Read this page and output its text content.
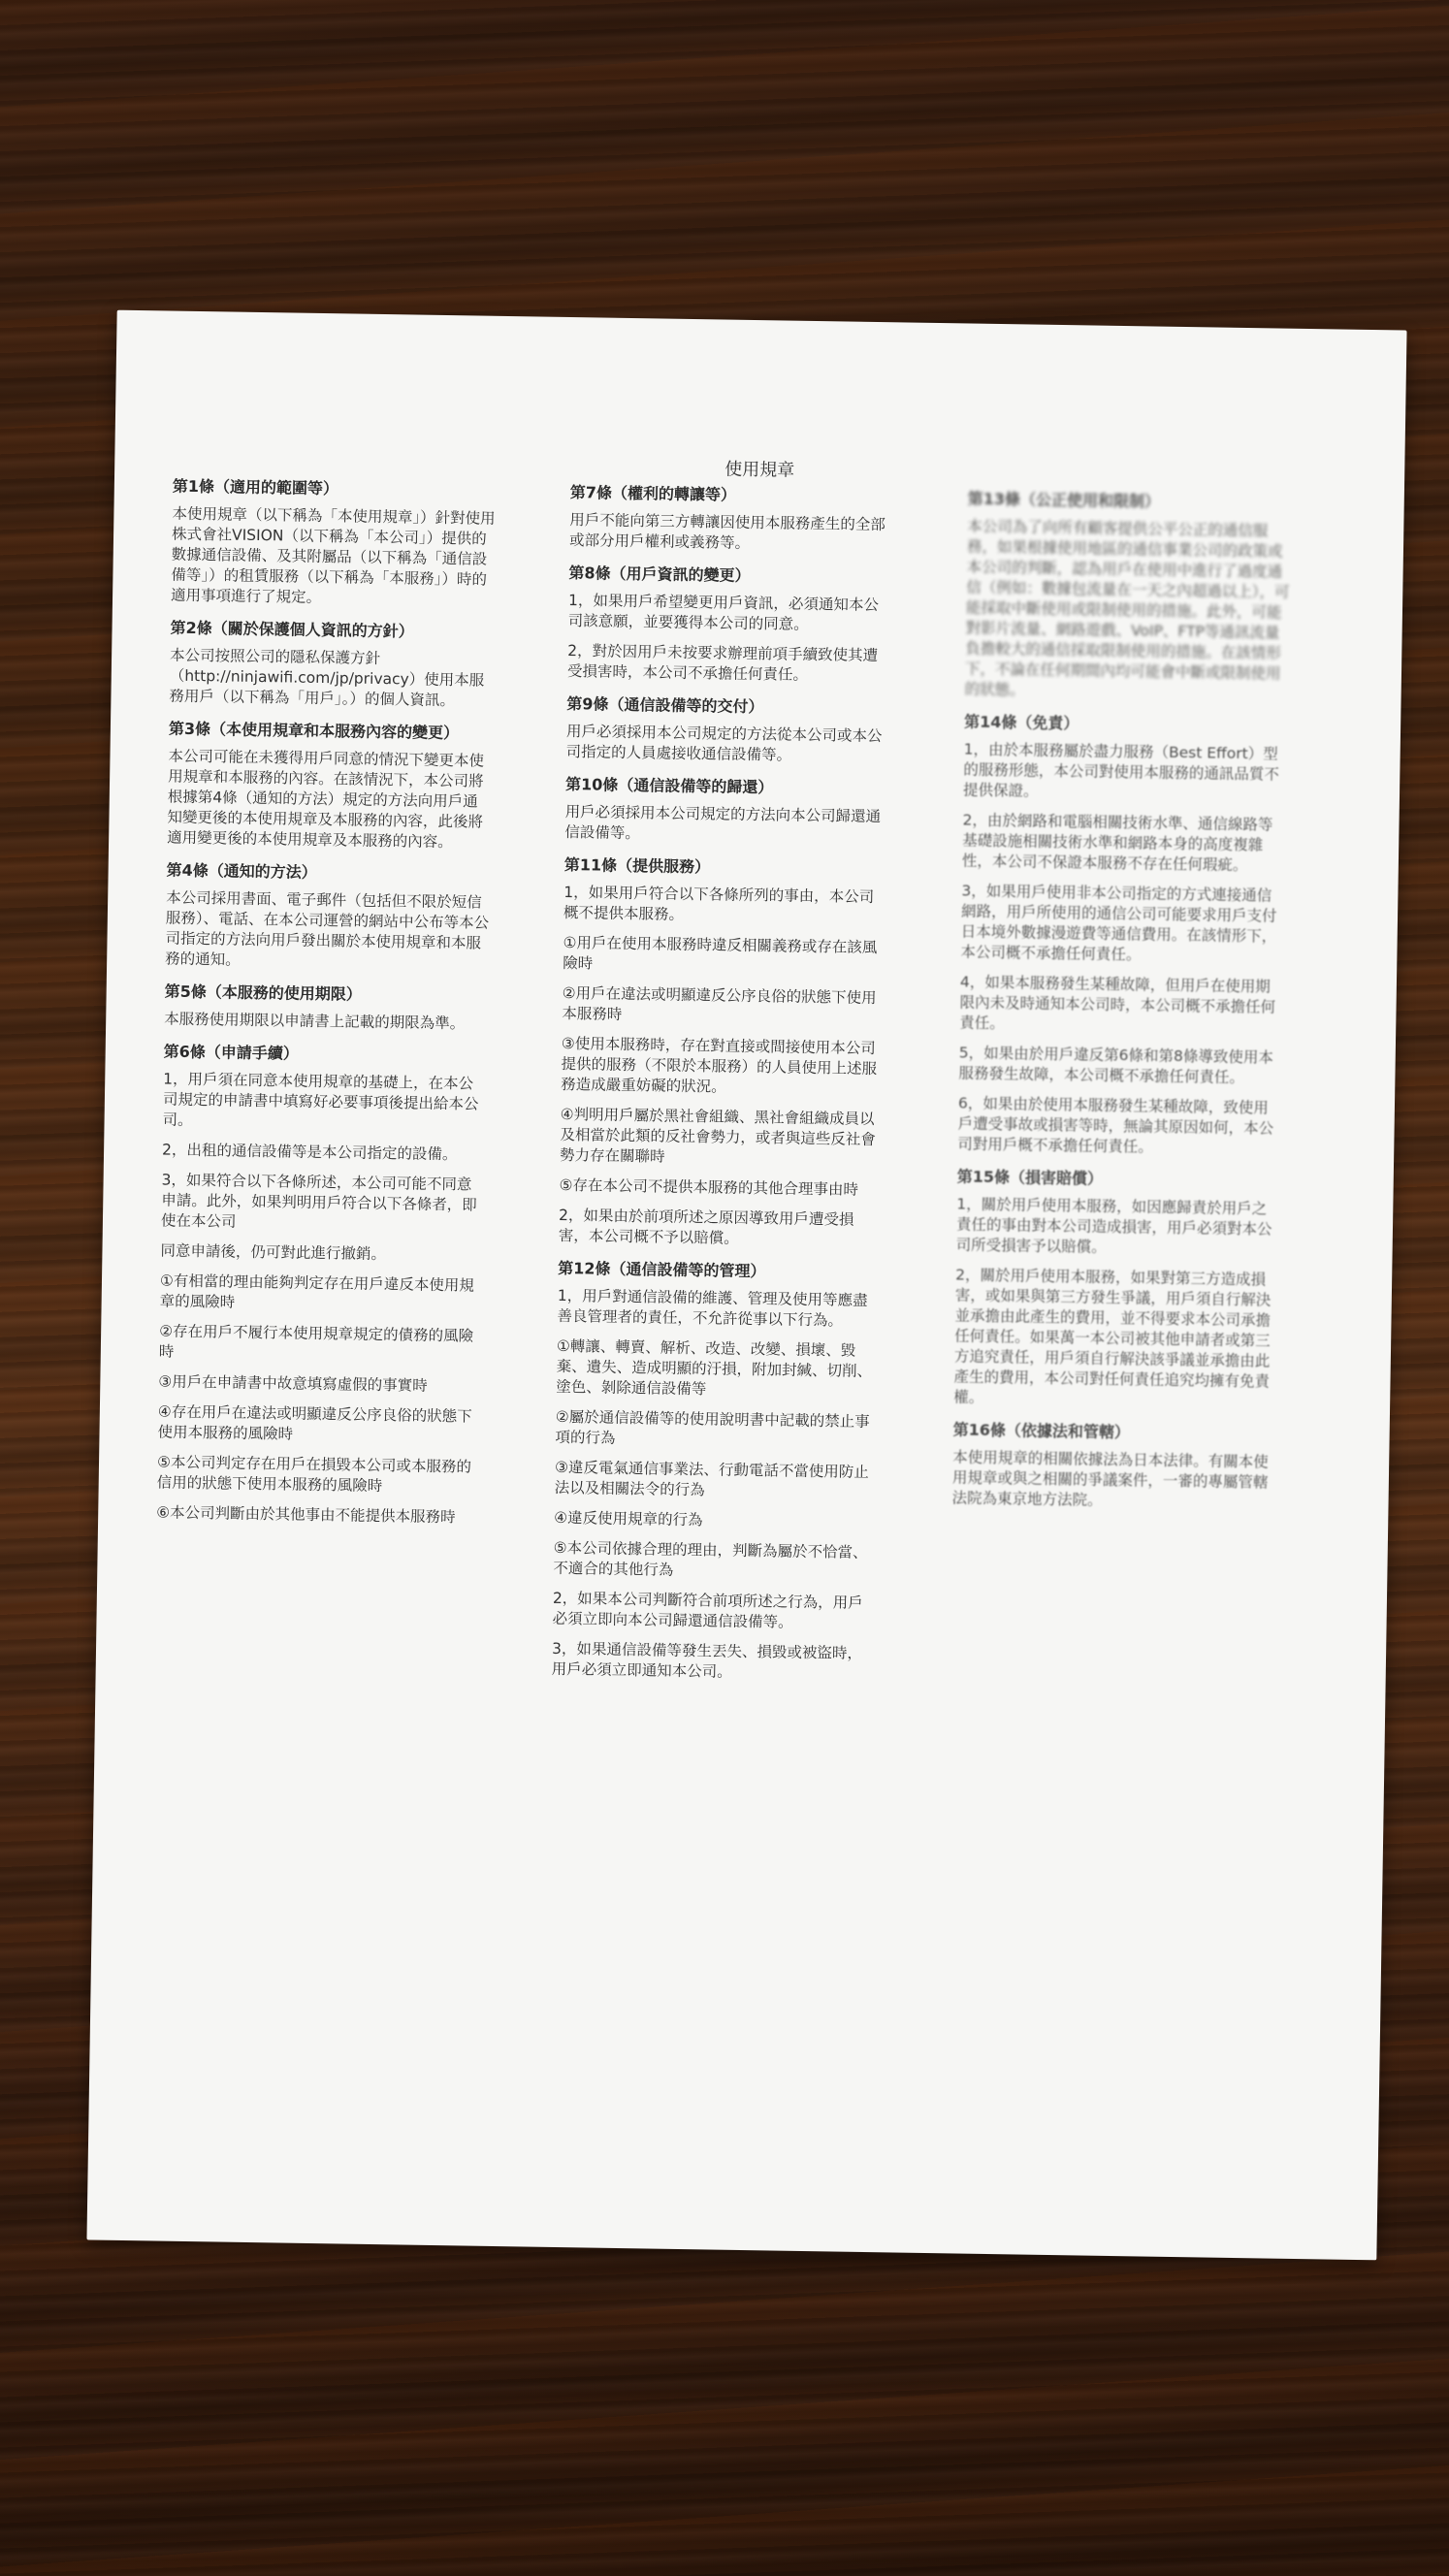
使用規章
第1條（適用的範圍等）

本使用規章（以下稱為「本使用規章」）針對使用株式會社VISION（以下稱為「本公司」）提供的數據通信設備、及其附屬品（以下稱為「通信設備等」）的租賃服務（以下稱為「本服務」）時的適用事項進行了規定。

第2條（關於保護個人資訊的方針）

本公司按照公司的隱私保護方針（http://ninjawifi.com/jp/privacy）使用本服務用戶（以下稱為「用戶」。）的個人資訊。

第3條（本使用規章和本服務內容的變更）

本公司可能在未獲得用戶同意的情況下變更本使用規章和本服務的內容。在該情況下，本公司將根據第4條（通知的方法）規定的方法向用戶通知變更後的本使用規章及本服務的內容，此後將適用變更後的本使用規章及本服務的內容。

第4條（通知的方法）

本公司採用書面、電子郵件（包括但不限於短信服務）、電話、在本公司運營的網站中公布等本公司指定的方法向用戶發出關於本使用規章和本服務的通知。

第5條（本服務的使用期限）

本服務使用期限以申請書上記載的期限為準。

第6條（申請手續）

1，用戶須在同意本使用規章的基礎上，在本公司規定的申請書中填寫好必要事項後提出給本公司。

2，出租的通信設備等是本公司指定的設備。

3，如果符合以下各條所述，本公司可能不同意申請。此外，如果判明用戶符合以下各條者，即使在本公司

同意申請後，仍可對此進行撤銷。

①有相當的理由能夠判定存在用戶違反本使用規章的風險時

②存在用戶不履行本使用規章規定的債務的風險時

③用戶在申請書中故意填寫虛假的事實時

④存在用戶在違法或明顯違反公序良俗的狀態下使用本服務的風險時

⑤本公司判定存在用戶在損毀本公司或本服務的信用的狀態下使用本服務的風險時

⑥本公司判斷由於其他事由不能提供本服務時

第7條（權利的轉讓等）

用戶不能向第三方轉讓因使用本服務產生的全部或部分用戶權利或義務等。

第8條（用戶資訊的變更）

1，如果用戶希望變更用戶資訊，必須通知本公司該意願，並要獲得本公司的同意。

2，對於因用戶未按要求辦理前項手續致使其遭受損害時，本公司不承擔任何責任。

第9條（通信設備等的交付）

用戶必須採用本公司規定的方法從本公司或本公司指定的人員處接收通信設備等。

第10條（通信設備等的歸還）

用戶必須採用本公司規定的方法向本公司歸還通信設備等。

第11條（提供服務）

1，如果用戶符合以下各條所列的事由，本公司概不提供本服務。

①用戶在使用本服務時違反相關義務或存在該風險時

②用戶在違法或明顯違反公序良俗的狀態下使用本服務時

③使用本服務時，存在對直接或間接使用本公司提供的服務（不限於本服務）的人員使用上述服務造成嚴重妨礙的狀況。

④判明用戶屬於黑社會組織、黑社會組織成員以及相當於此類的反社會勢力，或者與這些反社會勢力存在關聯時

⑤存在本公司不提供本服務的其他合理事由時

2，如果由於前項所述之原因導致用戶遭受損害，本公司概不予以賠償。

第12條（通信設備等的管理）

1，用戶對通信設備的維護、管理及使用等應盡善良管理者的責任，不允許從事以下行為。

①轉讓、轉賣、解析、改造、改變、損壞、毀棄、遺失、造成明顯的汙損，附加封緘、切削、塗色、剝除通信設備等

②屬於通信設備等的使用說明書中記載的禁止事項的行為

③違反電氣通信事業法、行動電話不當使用防止法以及相關法令的行為

④違反使用規章的行為

⑤本公司依據合理的理由，判斷為屬於不恰當、不適合的其他行為

2，如果本公司判斷符合前項所述之行為，用戶必須立即向本公司歸還通信設備等。

3，如果通信設備等發生丟失、損毀或被盜時，用戶必須立即通知本公司。

第13條（公正使用和限制）

本公司為了向所有顧客提供公平公正的通信服務，如果根據使用地區的通信事業公司的政策或本公司的判斷，認為用戶在使用中進行了過度通信（例如：數據包流量在一天之內超過以上），可能採取中斷使用或限制使用的措施。此外，可能對影片流量、網路遊戲、VoIP、FTP等通訊流量負擔較大的通信採取限制使用的措施。在該情形下，不論在任何期間內均可能會中斷或限制使用的狀態。

第14條（免責）

1，由於本服務屬於盡力服務（Best Effort）型的服務形態，本公司對使用本服務的通訊品質不提供保證。

2，由於網路和電腦相關技術水準、通信線路等基礎設施相關技術水準和網路本身的高度複雜性，本公司不保證本服務不存在任何瑕疵。

3，如果用戶使用非本公司指定的方式連接通信網路，用戶所使用的通信公司可能要求用戶支付日本境外數據漫遊費等通信費用。在該情形下，本公司概不承擔任何責任。

4，如果本服務發生某種故障，但用戶在使用期限內未及時通知本公司時，本公司概不承擔任何責任。

5，如果由於用戶違反第6條和第8條導致使用本服務發生故障，本公司概不承擔任何責任。

6，如果由於使用本服務發生某種故障，致使用戶遭受事故或損害等時，無論其原因如何，本公司對用戶概不承擔任何責任。

第15條（損害賠償）

1，關於用戶使用本服務，如因應歸責於用戶之責任的事由對本公司造成損害，用戶必須對本公司所受損害予以賠償。

2，關於用戶使用本服務，如果對第三方造成損害，或如果與第三方發生爭議，用戶須自行解決並承擔由此產生的費用，並不得要求本公司承擔任何責任。如果萬一本公司被其他申請者或第三方追究責任，用戶須自行解決該爭議並承擔由此產生的費用，本公司對任何責任追究均擁有免責權。

第16條（依據法和管轄）

本使用規章的相關依據法為日本法律。有關本使用規章或與之相關的爭議案件，一審的專屬管轄法院為東京地方法院。
